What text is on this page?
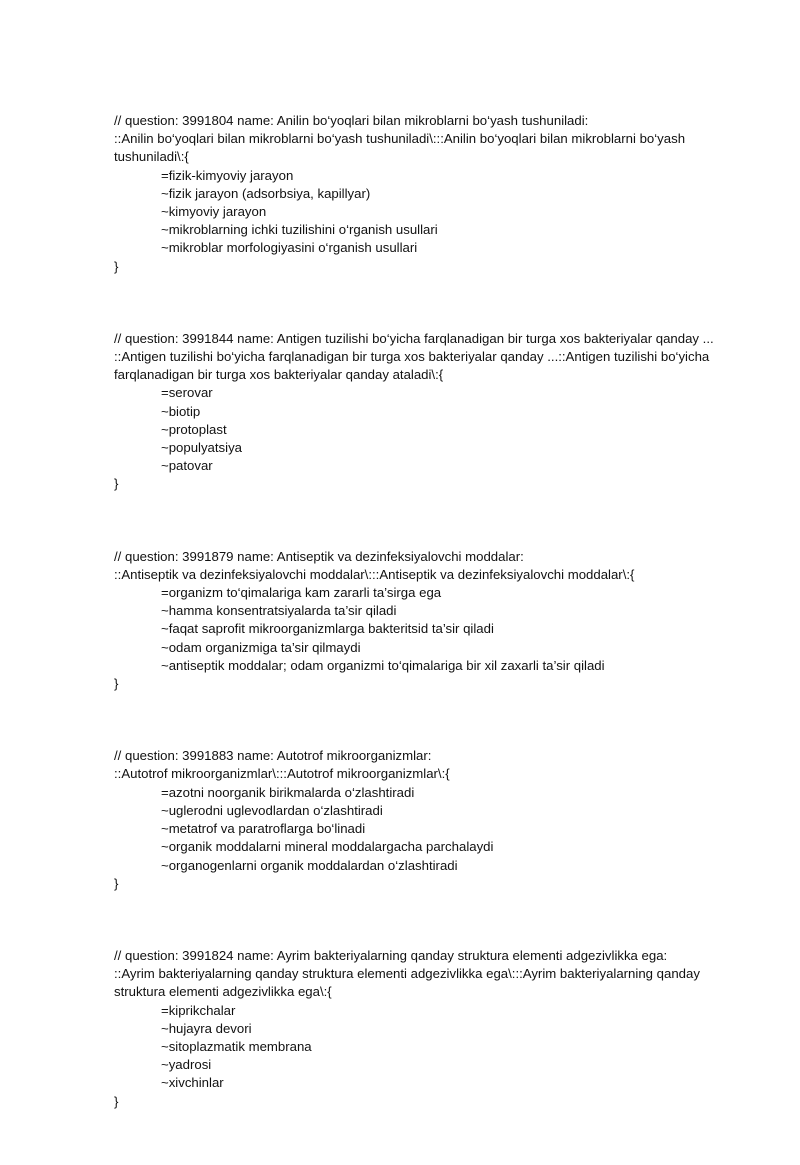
// question: 3991804 name: Anilin bo‘yoqlari bilan mikroblarni bo‘yash tushuniladi:
::Anilin bo‘yoqlari bilan mikroblarni bo‘yash tushuniladi\:::Anilin bo‘yoqlari bilan mikroblarni bo‘yash tushuniladi\:{
=fizik-kimyoviy jarayon
~fizik jarayon (adsorbsiya, kapillyar)
~kimyoviy jarayon
~mikroblarning ichki tuzilishini o‘rganish usullari
~mikroblar morfologiyasini o‘rganish usullari
}
// question: 3991844 name: Antigen tuzilishi bo‘yicha farqlanadigan bir turga xos bakteriyalar qanday ...
::Antigen tuzilishi bo‘yicha farqlanadigan bir turga xos bakteriyalar qanday ...::Antigen tuzilishi bo‘yicha farqlanadigan bir turga xos bakteriyalar qanday ataladi\:{
=serovar
~biotip
~protoplast
~populyatsiya
~patovar
}
// question: 3991879 name: Antiseptik va dezinfeksiyalovchi moddalar:
::Antiseptik va dezinfeksiyalovchi moddalar\:::Antiseptik va dezinfeksiyalovchi moddalar\:{
=organizm to‘qimalariga kam zararli ta’sirga ega
~hamma konsentratsiyalarda ta’sir qiladi
~faqat saprofit mikroorganizmlarga bakteritsid ta’sir qiladi
~odam organizmiga ta’sir qilmaydi
~antiseptik moddalar; odam organizmi to‘qimalariga bir xil zaxarli ta’sir qiladi
}
// question: 3991883 name: Autotrof mikroorganizmlar:
::Autotrof mikroorganizmlar\:::Autotrof mikroorganizmlar\:{
=azotni noorganik birikmalarda o‘zlashtiradi
~uglerodni uglevodlardan o‘zlashtiradi
~metatrof va paratroflarga bo‘linadi
~organik moddalarni mineral moddalargacha parchalaydi
~organogenlarni organik moddalardan o‘zlashtiradi
}
// question: 3991824 name: Ayrim bakteriyalarning qanday struktura elementi adgezivlikka ega:
::Ayrim bakteriyalarning qanday struktura elementi adgezivlikka ega\:::Ayrim bakteriyalarning qanday struktura elementi adgezivlikka ega\:{
=kiprikchalar
~hujayra devori
~sitoplazmatik membrana
~yadrosi
~xivchinlar
}
